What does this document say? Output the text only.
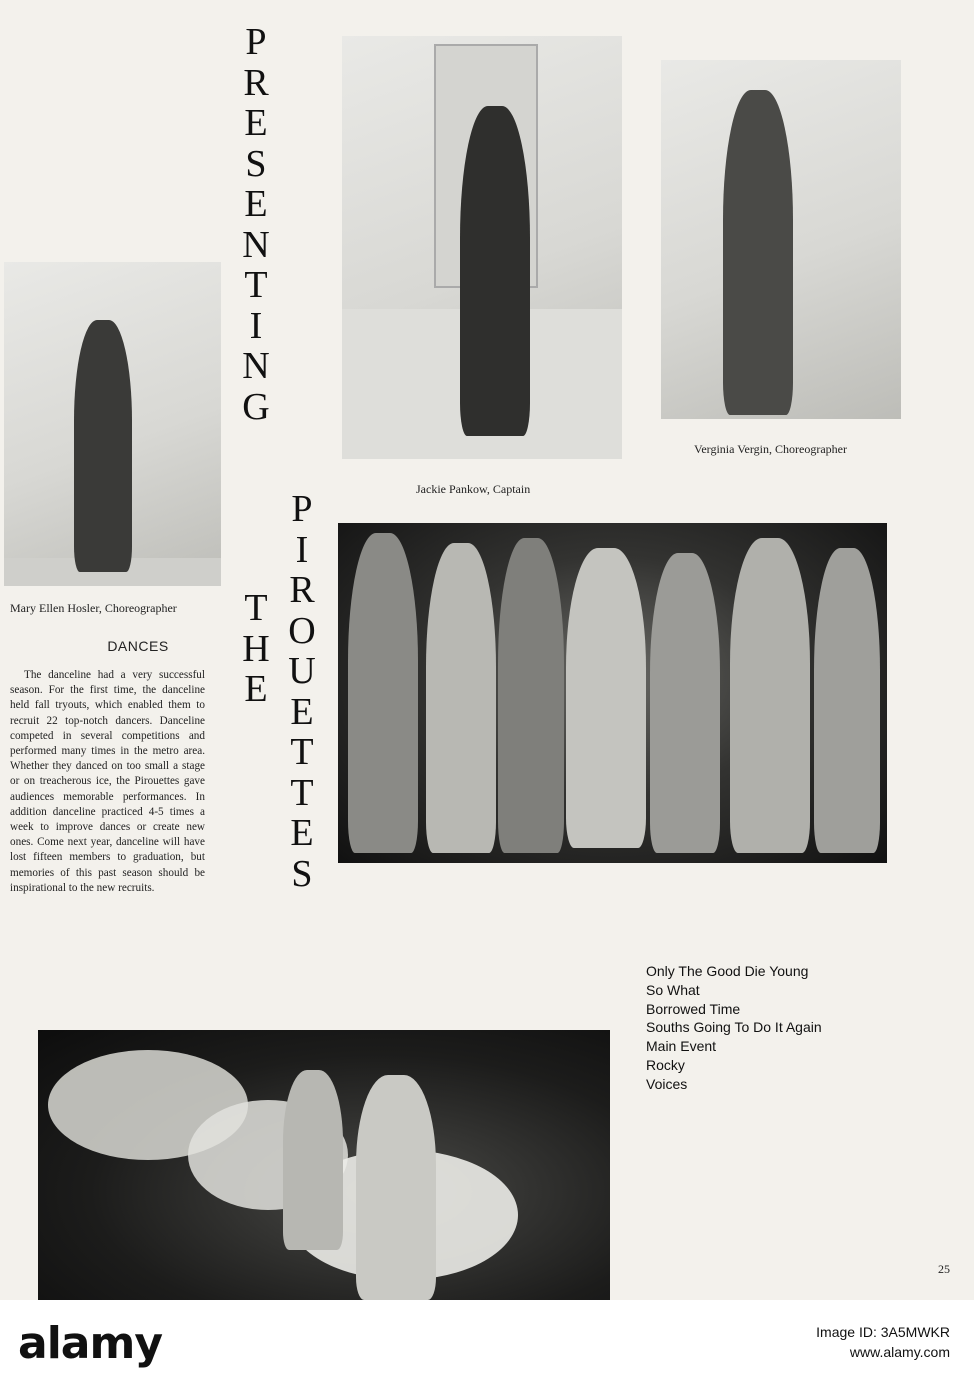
Mary Ellen Hosler, Choreographer
P
R
E
S
E
N
T
I
N
G
T
H
E
P
I
R
O
U
E
T
T
E
S
Jackie Pankow, Captain
Verginia Vergin, Choreographer
DANCES
The danceline had a very successful season. For the first time, the danceline held fall tryouts, which enabled them to recruit 22 top-notch dancers. Danceline competed in several competitions and performed many times in the metro area. Whether they danced on too small a stage or on treacherous ice, the Pirouettes gave audiences memorable performances. In addition danceline practiced 4-5 times a week to improve dances or create new ones. Come next year, danceline will have lost fifteen members to graduation, but memories of this past season should be inspirational to the new recruits.
Only The Good Die Young
So What
Borrowed Time
Souths Going To Do It Again
Main Event
Rocky
Voices
25
alamy	Image ID: 3A5MWKR
www.alamy.com
